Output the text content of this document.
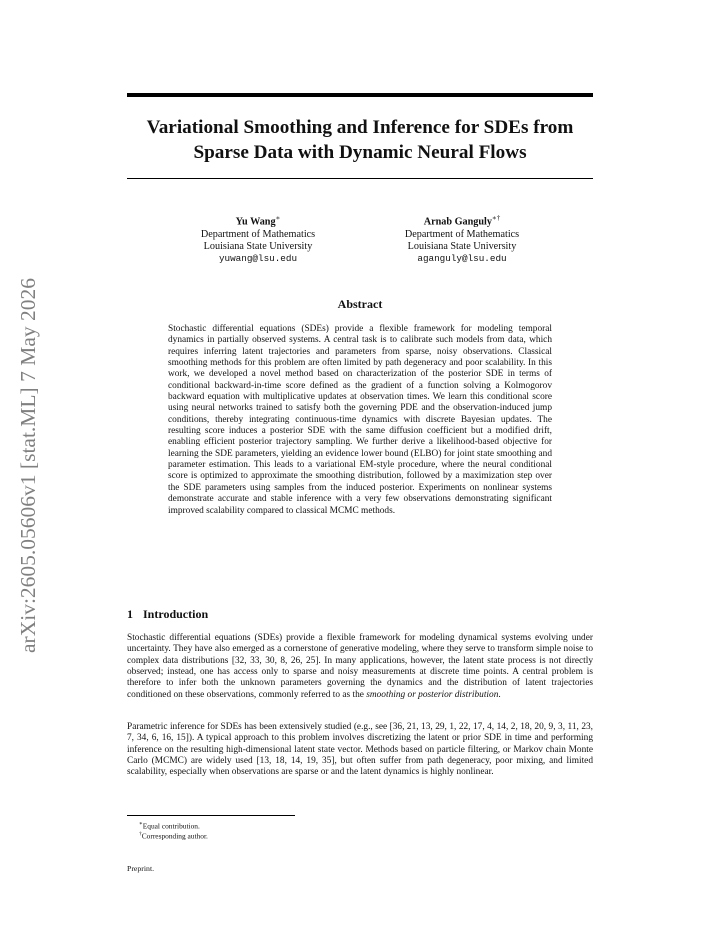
arXiv:2605.05606v1 [stat.ML] 7 May 2026
Variational Smoothing and Inference for SDEs from Sparse Data with Dynamic Neural Flows
Yu Wang∗
Department of Mathematics
Louisiana State University
yuwang@lsu.edu
Arnab Ganguly∗†
Department of Mathematics
Louisiana State University
aganguly@lsu.edu
Abstract

Stochastic differential equations (SDEs) provide a flexible framework for modeling temporal dynamics in partially observed systems. A central task is to calibrate such models from data, which requires inferring latent trajectories and parameters from sparse, noisy observations. Classical smoothing methods for this problem are often limited by path degeneracy and poor scalability. In this work, we developed a novel method based on characterization of the posterior SDE in terms of conditional backward-in-time score defined as the gradient of a function solving a Kolmogorov backward equation with multiplicative updates at observation times. We learn this conditional score using neural networks trained to satisfy both the governing PDE and the observation-induced jump conditions, thereby integrating continuous-time dynamics with discrete Bayesian updates. The resulting score induces a posterior SDE with the same diffusion coefficient but a modified drift, enabling efficient posterior trajectory sampling. We further derive a likelihood-based objective for learning the SDE parameters, yielding an evidence lower bound (ELBO) for joint state smoothing and parameter estimation. This leads to a variational EM-style procedure, where the neural conditional score is optimized to approximate the smoothing distribution, followed by a maximization step over the SDE parameters using samples from the induced posterior. Experiments on nonlinear systems demonstrate accurate and stable inference with a very few observations demonstrating significant improved scalability compared to classical MCMC methods.

1 Introduction

Stochastic differential equations (SDEs) provide a flexible framework for modeling dynamical systems evolving under uncertainty. They have also emerged as a cornerstone of generative modeling, where they serve to transform simple noise to complex data distributions [32, 33, 30, 8, 26, 25]. In many applications, however, the latent state process is not directly observed; instead, one has access only to sparse and noisy measurements at discrete time points. A central problem is therefore to infer both the unknown parameters governing the dynamics and the distribution of latent trajectories conditioned on these observations, commonly referred to as the smoothing or posterior distribution.

Parametric inference for SDEs has been extensively studied (e.g., see [36, 21, 13, 29, 1, 22, 17, 4, 14, 2, 18, 20, 9, 3, 11, 23, 7, 34, 6, 16, 15]). A typical approach to this problem involves discretizing the latent or prior SDE in time and performing inference on the resulting high-dimensional latent state vector. Methods based on particle filtering, or Markov chain Monte Carlo (MCMC) are widely used [13, 18, 14, 19, 35], but often suffer from path degeneracy, poor mixing, and limited scalability, especially when observations are sparse or and the latent dynamics is highly nonlinear.

∗Equal contribution.

†Corresponding author.

Preprint.
